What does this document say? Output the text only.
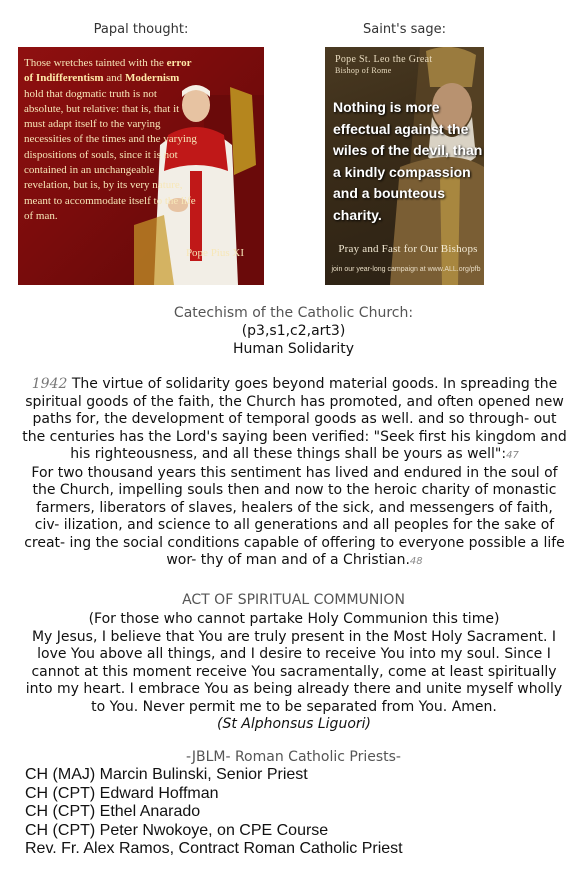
Papal thought:	Saint's sage:
Those wretches tainted with the error of Indifferentism and Modernism hold that dogmatic truth is not absolute, but relative: that is, that it must adapt itself to the varying necessities of the times and the varying dispositions of souls, since it is not contained in an unchangeable revelation, but is, by its very nature, meant to accommodate itself to the life of man.
Pope Pius XI
Pope St. Leo the Great
Bishop of Rome
Nothing is more effectual against the wiles of the devil, than a kindly compassion and a bounteous charity.
Pray and Fast for Our Bishops
join our year-long campaign at www.ALL.org/pfb
Catechism of the Catholic Church:
(p3,s1,c2,art3)
Human Solidarity
1942 The virtue of solidarity goes beyond material goods. In spreading the spiritual goods of the faith, the Church has promoted, and often opened new paths for, the development of temporal goods as well. and so through- out the centuries has the Lord's saying been verified: "Seek first his kingdom and his righteousness, and all these things shall be yours as well":47
For two thousand years this sentiment has lived and endured in the soul of the Church, impelling souls then and now to the heroic charity of monastic farmers, liberators of slaves, healers of the sick, and messengers of faith, civ- ilization, and science to all generations and all peoples for the sake of creat- ing the social conditions capable of offering to everyone possible a life wor- thy of man and of a Christian.48
ACT OF SPIRITUAL COMMUNION
(For those who cannot partake Holy Communion this time)
My Jesus, I believe that You are truly present in the Most Holy Sacrament. I love You above all things, and I desire to receive You into my soul. Since I cannot at this moment receive You sacramentally, come at least spiritually into my heart. I embrace You as being already there and unite myself wholly to You. Never permit me to be separated from You. Amen.
(St Alphonsus Liguori)
-JBLM- Roman Catholic Priests-
CH (MAJ) Marcin Bulinski, Senior Priest
CH (CPT) Edward Hoffman
CH (CPT) Ethel Anarado
CH (CPT) Peter Nwokoye, on CPE Course
Rev. Fr. Alex Ramos, Contract Roman Catholic Priest
